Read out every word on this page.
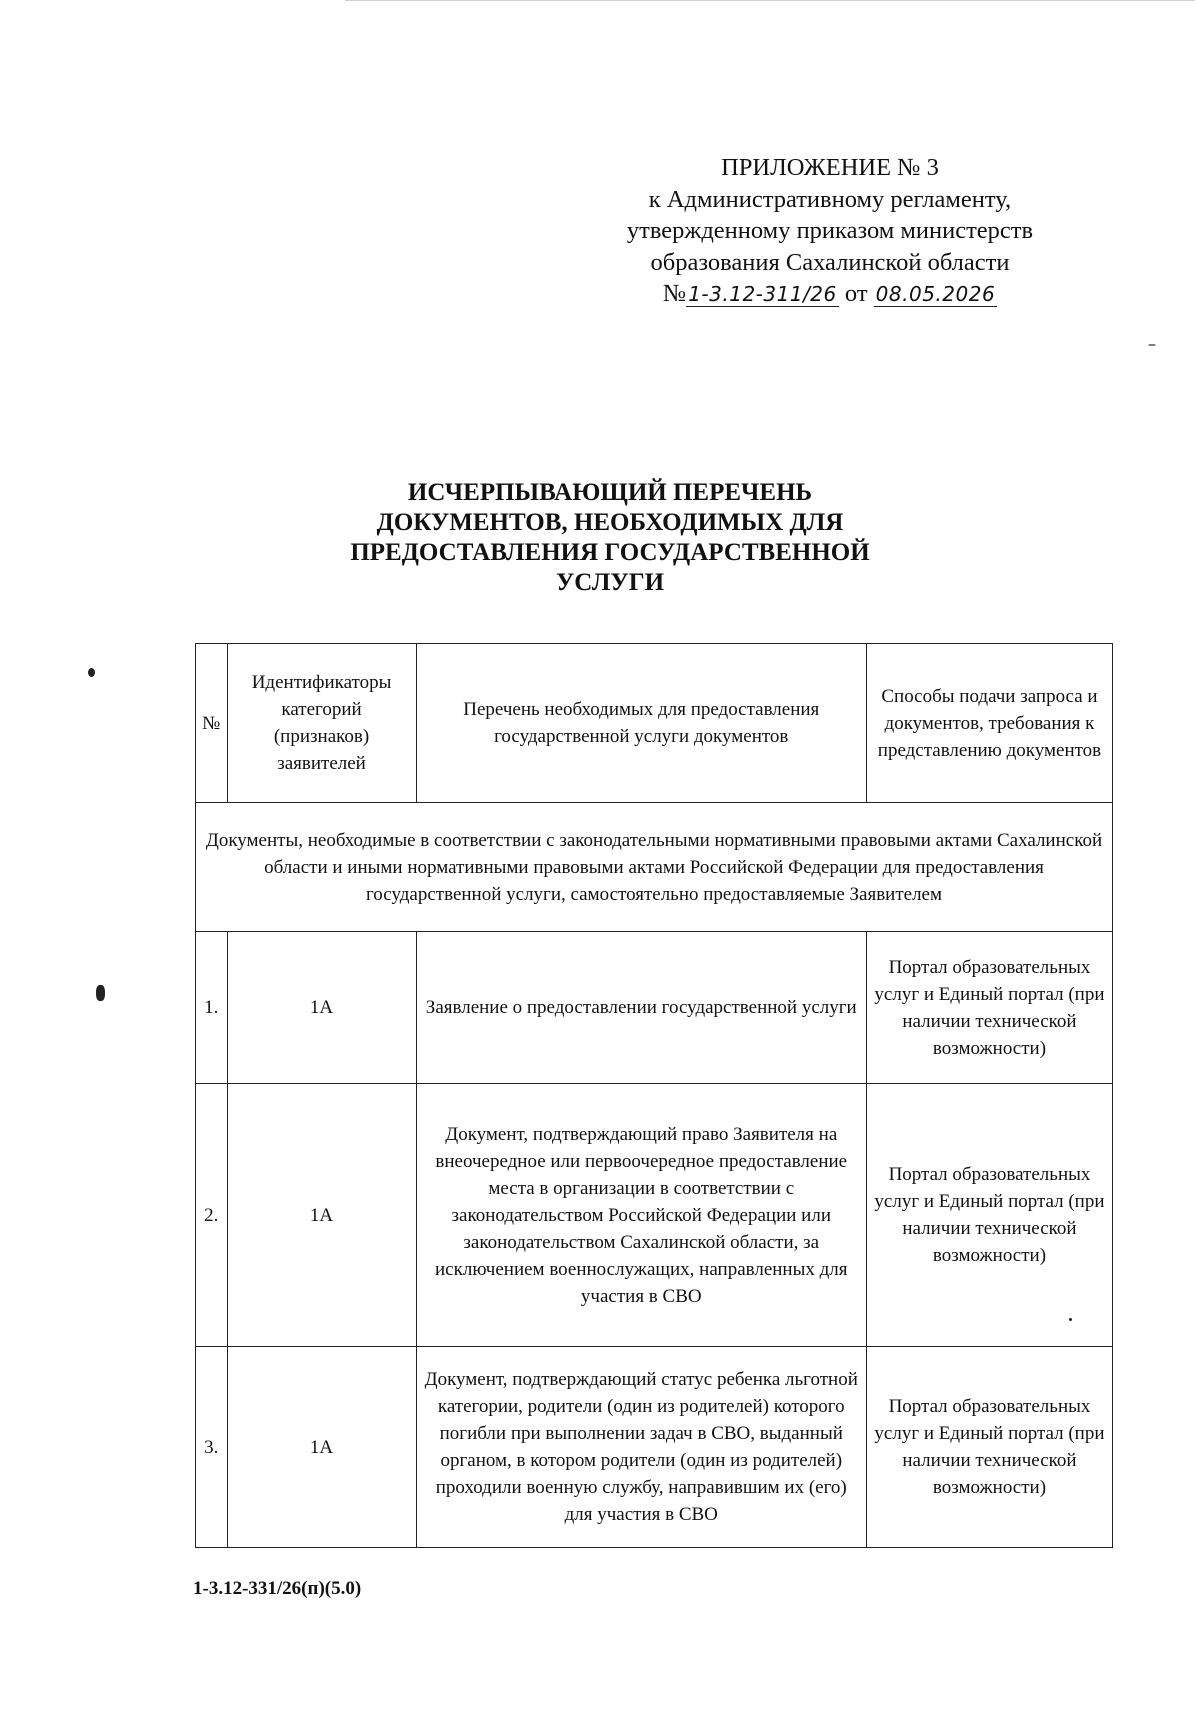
ПРИЛОЖЕНИЕ № 3
к Административному регламенту,
утвержденному приказом министерств
образования Сахалинской области
№ 1-3.12-311/26 от 08.05.2026
ИСЧЕРПЫВАЮЩИЙ ПЕРЕЧЕНЬ
ДОКУМЕНТОВ, НЕОБХОДИМЫХ ДЛЯ
ПРЕДОСТАВЛЕНИЯ ГОСУДАРСТВЕННОЙ
УСЛУГИ
№	Идентификаторы категорий (признаков) заявителей	Перечень необходимых для предоставления государственной услуги документов	Способы подачи запроса и документов, требования к представлению документов
Документы, необходимые в соответствии с законодательными нормативными правовыми актами Сахалинской области и иными нормативными правовыми актами Российской Федерации для предоставления государственной услуги, самостоятельно предоставляемые Заявителем			
1.	1А	Заявление о предоставлении государственной услуги	Портал образовательных услуг и Единый портал (при наличии технической возможности)
2.	1А	Документ, подтверждающий право Заявителя на внеочередное или первоочередное предоставление места в организации в соответствии с законодательством Российской Федерации или законодательством Сахалинской области, за исключением военнослужащих, направленных для участия в СВО	Портал образовательных услуг и Единый портал (при наличии технической возможности)
3.	1А	Документ, подтверждающий статус ребенка льготной категории, родители (один из родителей) которого погибли при выполнении задач в СВО, выданный органом, в котором родители (один из родителей) проходили военную службу, направившим их (его) для участия в СВО	Портал образовательных услуг и Единый портал (при наличии технической возможности)
1-3.12-331/26(п)(5.0)
